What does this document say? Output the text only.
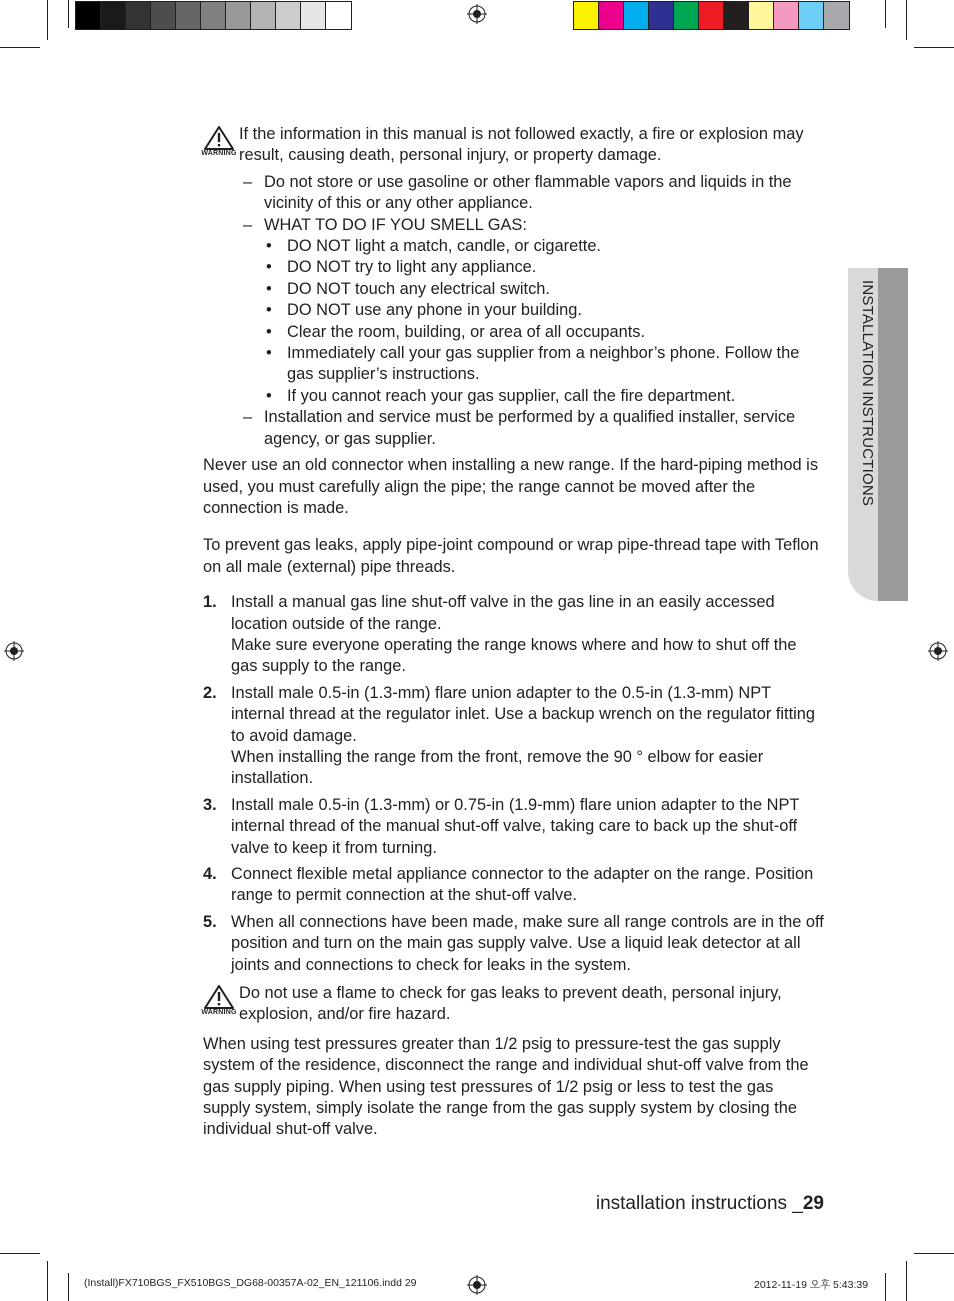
INSTALLATION INSTRUCTIONS
WARNING
If the information in this manual is not followed exactly, a fire or explosion may result, causing death, personal injury, or property damage.
– Do not store or use gasoline or other flammable vapors and liquids in the vicinity of this or any other appliance.
– WHAT TO DO IF YOU SMELL GAS:
• DO NOT light a match, candle, or cigarette.
• DO NOT try to light any appliance.
• DO NOT touch any electrical switch.
• DO NOT use any phone in your building.
• Clear the room, building, or area of all occupants.
• Immediately call your gas supplier from a neighbor’s phone. Follow the gas supplier’s instructions.
• If you cannot reach your gas supplier, call the fire department.
– Installation and service must be performed by a qualified installer, service agency, or gas supplier.

Never use an old connector when installing a new range. If the hard-piping method is used, you must carefully align the pipe; the range cannot be moved after the connection is made.

To prevent gas leaks, apply pipe-joint compound or wrap pipe-thread tape with Teflon on all male (external) pipe threads.

1. Install a manual gas line shut-off valve in the gas line in an easily accessed location outside of the range.
Make sure everyone operating the range knows where and how to shut off the gas supply to the range.
2. Install male 0.5-in (1.3-mm) flare union adapter to the 0.5-in (1.3-mm) NPT internal thread at the regulator inlet. Use a backup wrench on the regulator fitting to avoid damage.
When installing the range from the front, remove the 90 ° elbow for easier installation.
3. Install male 0.5-in (1.3-mm) or 0.75-in (1.9-mm) flare union adapter to the NPT internal thread of the manual shut-off valve, taking care to back up the shut-off valve to keep it from turning.
4. Connect flexible metal appliance connector to the adapter on the range. Position range to permit connection at the shut-off valve.
5. When all connections have been made, make sure all range controls are in the off position and turn on the main gas supply valve. Use a liquid leak detector at all joints and connections to check for leaks in the system.
WARNING
Do not use a flame to check for gas leaks to prevent death, personal injury, explosion, and/or fire hazard.

When using test pressures greater than 1/2 psig to pressure-test the gas supply system of the residence, disconnect the range and individual shut-off valve from the gas supply piping. When using test pressures of 1/2 psig or less to test the gas supply system, simply isolate the range from the gas supply system by closing the individual shut-off valve.

installation instructions _29
(Install)FX710BGS_FX510BGS_DG68-00357A-02_EN_121106.indd 29	2012-11-19 오후 5:43:39
